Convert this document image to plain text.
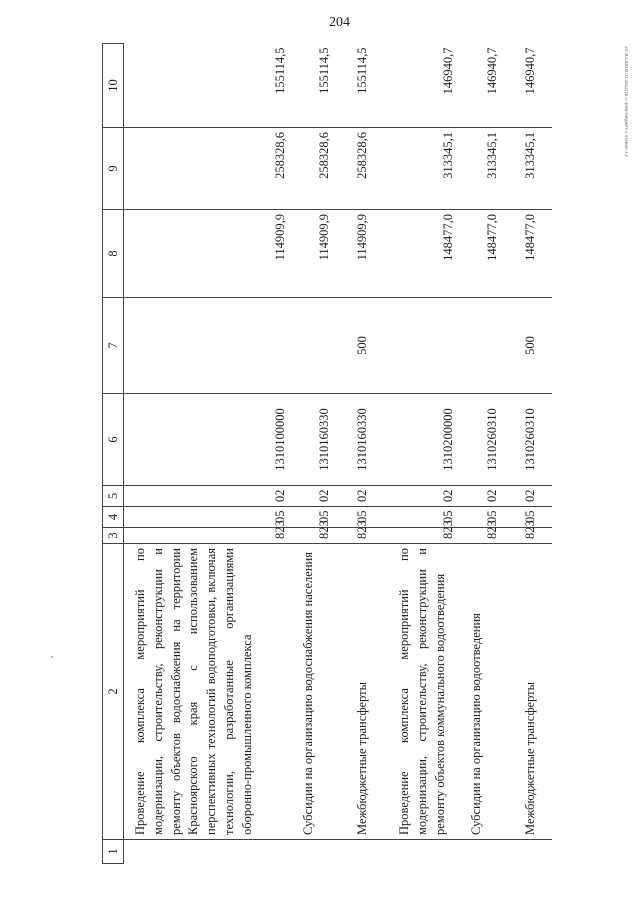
204
20 ЗСОВИЯ 03.2022(16.57)/мн-бюджет-2 чтение-3.e
1	2	3	4	5	6	7	8	9	10
	Проведение комплекса мероприятий по модернизации, строительству, реконструкции и ремонту объектов водоснабжения на территории Красноярского края с использованием перспективных технологий водоподготовки, включая технологии, разработанные организациями оборонно-промышленного комплекса	823	05	02	1310100000		114909,9	258328,6	155114,5
	Субсидии на организацию водоснабжения населения	823	05	02	1310160330		114909,9	258328,6	155114,5
	Межбюджетные трансферты	823	05	02	1310160330	500	114909,9	258328,6	155114,5
	Проведение комплекса мероприятий по модернизации, строительству, реконструкции и ремонту объектов коммунального водоотведения	823	05	02	1310200000		148477,0	313345,1	146940,7
	Субсидии на организацию водоотведения	823	05	02	1310260310		148477,0	313345,1	146940,7
	Межбюджетные трансферты	823	05	02	1310260310	500	148477,0	313345,1	146940,7
